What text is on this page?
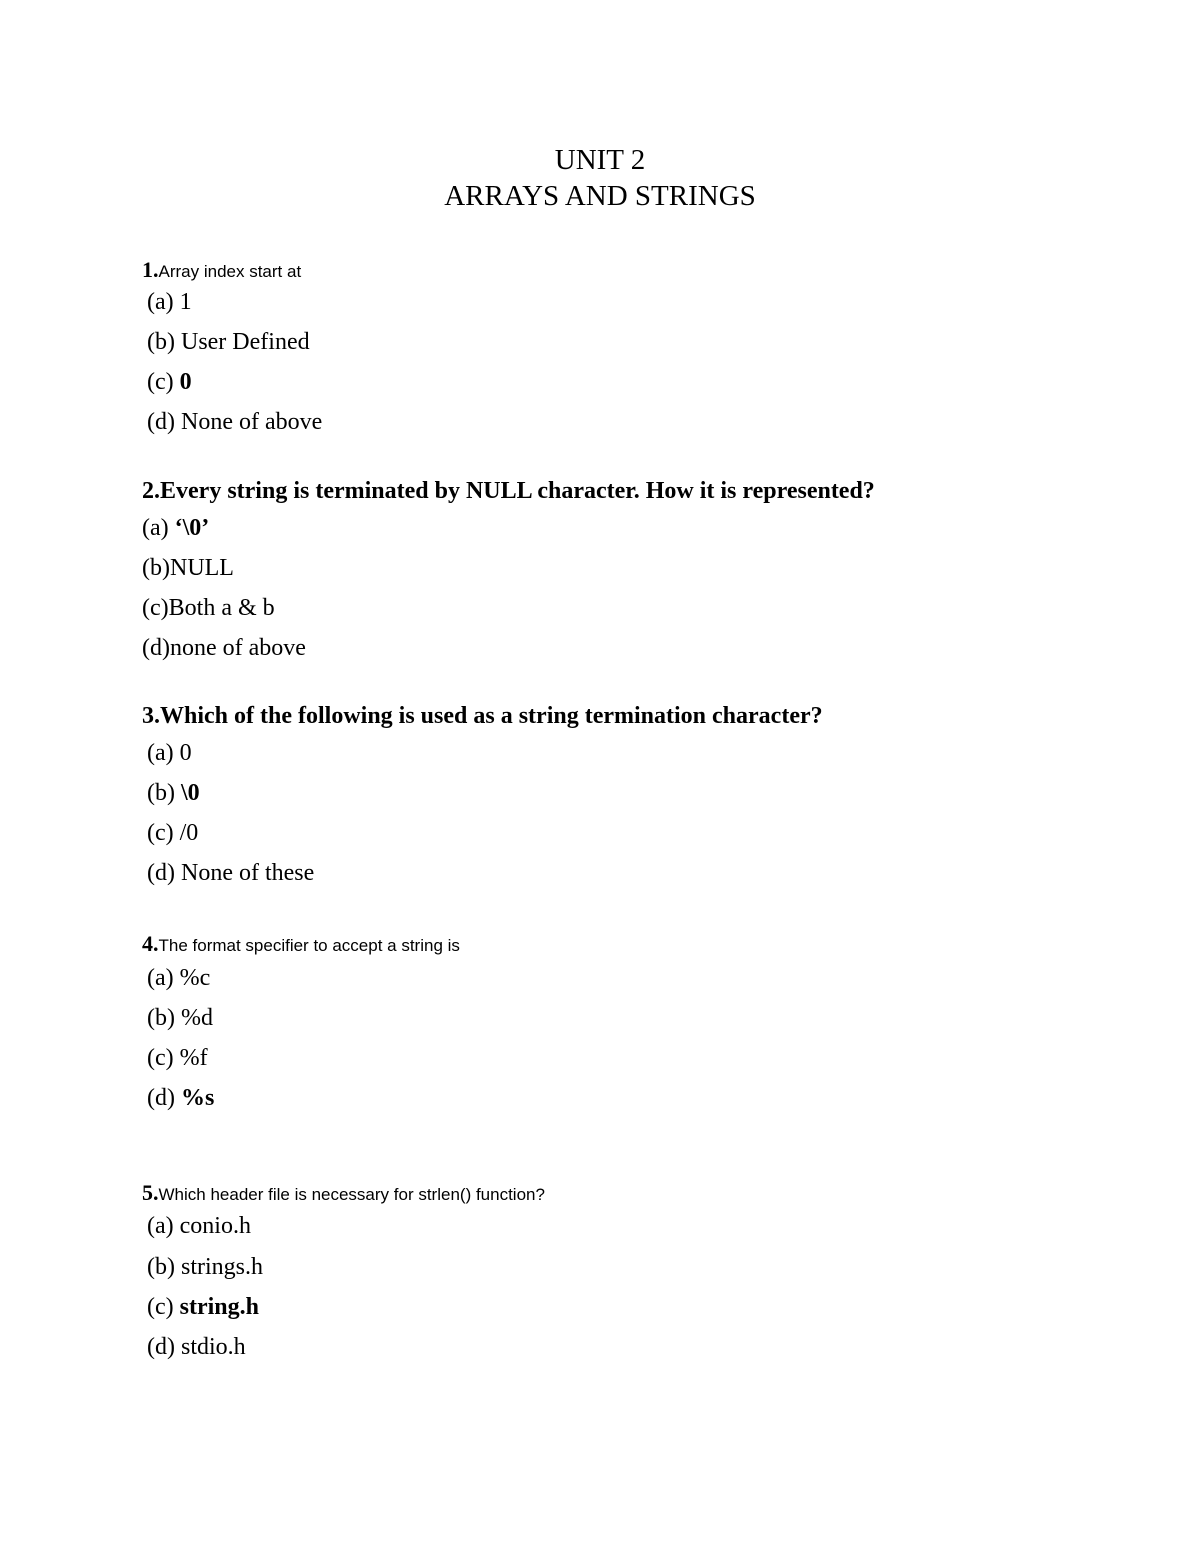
UNIT 2
ARRAYS AND STRINGS
1.Array index start at
(a) 1
(b) User Defined
(c) 0
(d) None of above
2.Every string is terminated by NULL character. How it is represented?
(a) ‘\0’
(b)NULL
(c)Both a & b
(d)none of above
3.Which of the following is used as a string termination character?
(a) 0
(b) \0
(c) /0
(d) None of these
4.The format specifier to accept a string is
(a) %c
(b) %d
(c) %f
(d) %s
5.Which header file is necessary for strlen() function?
(a) conio.h
(b) strings.h
(c) string.h
(d) stdio.h
